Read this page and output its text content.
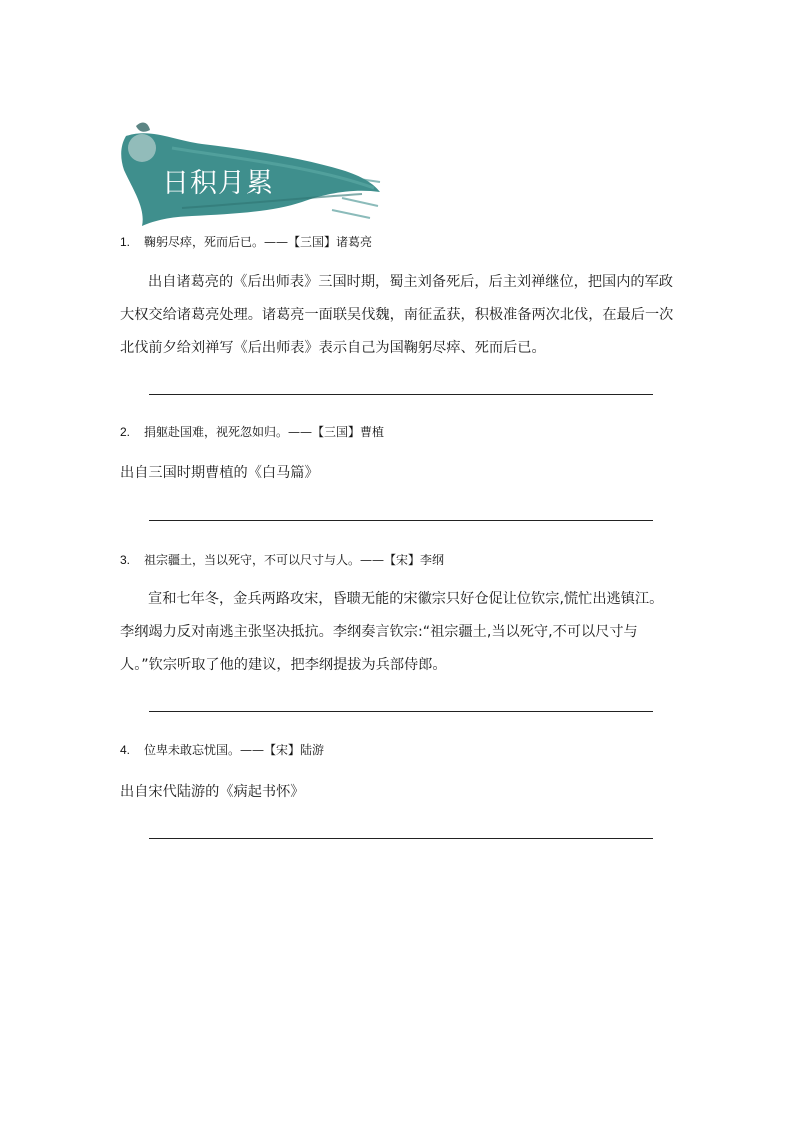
日积月累
1. 鞠躬尽瘁，死而后已。——【三国】诸葛亮
出自诸葛亮的《后出师表》三国时期，蜀主刘备死后，后主刘禅继位，把国内的军政大权交给诸葛亮处理。诸葛亮一面联吴伐魏，南征孟获，积极准备两次北伐，在最后一次北伐前夕给刘禅写《后出师表》表示自己为国鞠躬尽瘁、死而后已。
2. 捐躯赴国难，视死忽如归。——【三国】曹植
出自三国时期曹植的《白马篇》
3. 祖宗疆土，当以死守，不可以尺寸与人。——【宋】李纲
宣和七年冬，金兵两路攻宋，昏聩无能的宋徽宗只好仓促让位钦宗,慌忙出逃镇江。李纲竭力反对南逃主张坚决抵抗。李纲奏言钦宗:“祖宗疆土,当以死守,不可以尺寸与人。”钦宗听取了他的建议，把李纲提拔为兵部侍郎。
4. 位卑未敢忘忧国。——【宋】陆游
出自宋代陆游的《病起书怀》
